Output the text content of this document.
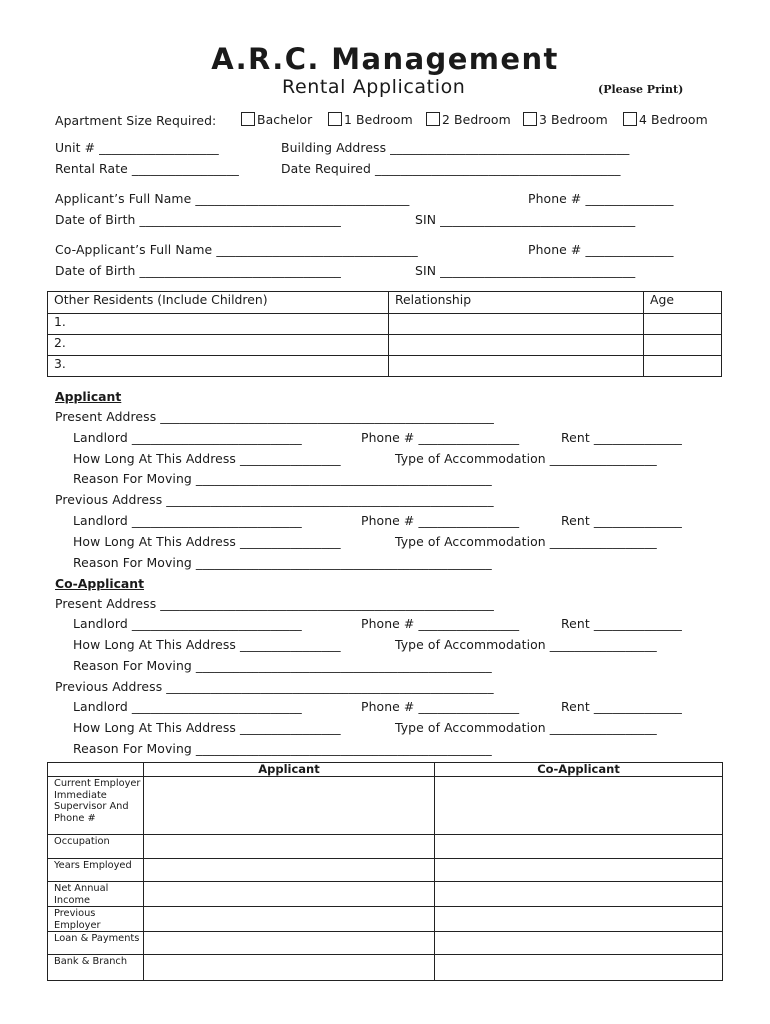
A.R.C. Management
Rental Application	(Please Print)
Apartment Size Required:	Bachelor	1 Bedroom	2 Bedroom	3 Bedroom	4 Bedroom
Unit # ___________________	Building Address ______________________________________
Rental Rate _________________	Date Required _______________________________________
Applicant’s Full Name __________________________________	Phone # ______________
Date of Birth ________________________________	SIN _______________________________
Co-Applicant’s Full Name ________________________________	Phone # ______________
Date of Birth ________________________________	SIN _______________________________
Other Residents (Include Children)	Relationship	Age
1.		
2.		
3.		
Applicant
Present Address _____________________________________________________
Landlord ___________________________	Phone # ________________	Rent ______________
How Long At This Address ________________	Type of Accommodation _________________
Reason For Moving _______________________________________________
Previous Address ____________________________________________________
Landlord ___________________________	Phone # ________________	Rent ______________
How Long At This Address ________________	Type of Accommodation _________________
Reason For Moving _______________________________________________
Co-Applicant
Present Address _____________________________________________________
Landlord ___________________________	Phone # ________________	Rent ______________
How Long At This Address ________________	Type of Accommodation _________________
Reason For Moving _______________________________________________
Previous Address ____________________________________________________
Landlord ___________________________	Phone # ________________	Rent ______________
How Long At This Address ________________	Type of Accommodation _________________
Reason For Moving _______________________________________________
	Applicant	Co-Applicant
Current Employer Immediate Supervisor And Phone #		
Occupation		
Years Employed		
Net Annual Income		
Previous Employer		
Loan & Payments		
Bank & Branch		
